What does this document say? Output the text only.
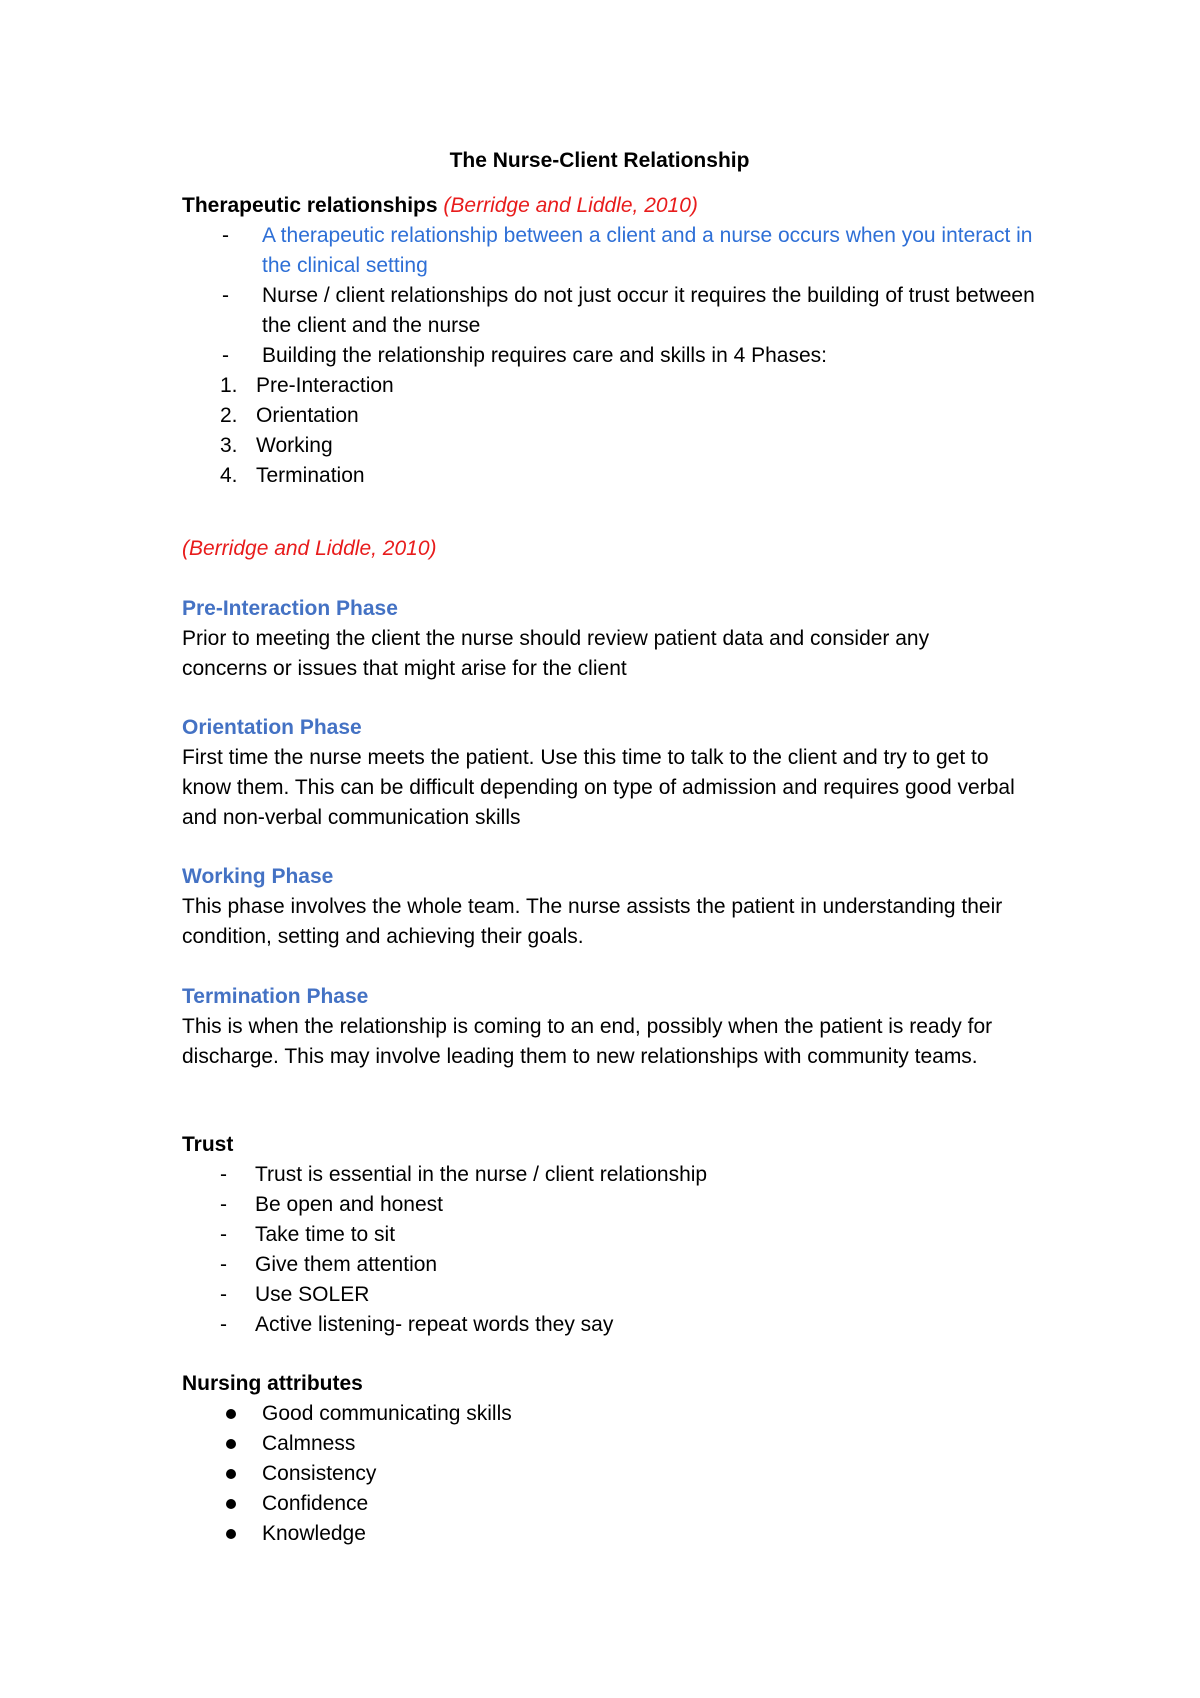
The Nurse-Client Relationship

Therapeutic relationships (Berridge and Liddle, 2010)

- A therapeutic relationship between a client and a nurse occurs when you interact in the clinical setting
- Nurse / client relationships do not just occur it requires the building of trust between the client and the nurse
- Building the relationship requires care and skills in 4 Phases:
1. Pre-Interaction
2. Orientation
3. Working
4. Termination

(Berridge and Liddle, 2010)

Pre-Interaction Phase

Prior to meeting the client the nurse should review patient data and consider any concerns or issues that might arise for the client

Orientation Phase

First time the nurse meets the patient. Use this time to talk to the client and try to get to know them. This can be difficult depending on type of admission and requires good verbal and non-verbal communication skills

Working Phase

This phase involves the whole team. The nurse assists the patient in understanding their condition, setting and achieving their goals.

Termination Phase

This is when the relationship is coming to an end, possibly when the patient is ready for discharge. This may involve leading them to new relationships with community teams.

Trust

- Trust is essential in the nurse / client relationship
- Be open and honest
- Take time to sit
- Give them attention
- Use SOLER
- Active listening- repeat words they say

Nursing attributes

Good communicating skills
Calmness
Consistency
Confidence
Knowledge
